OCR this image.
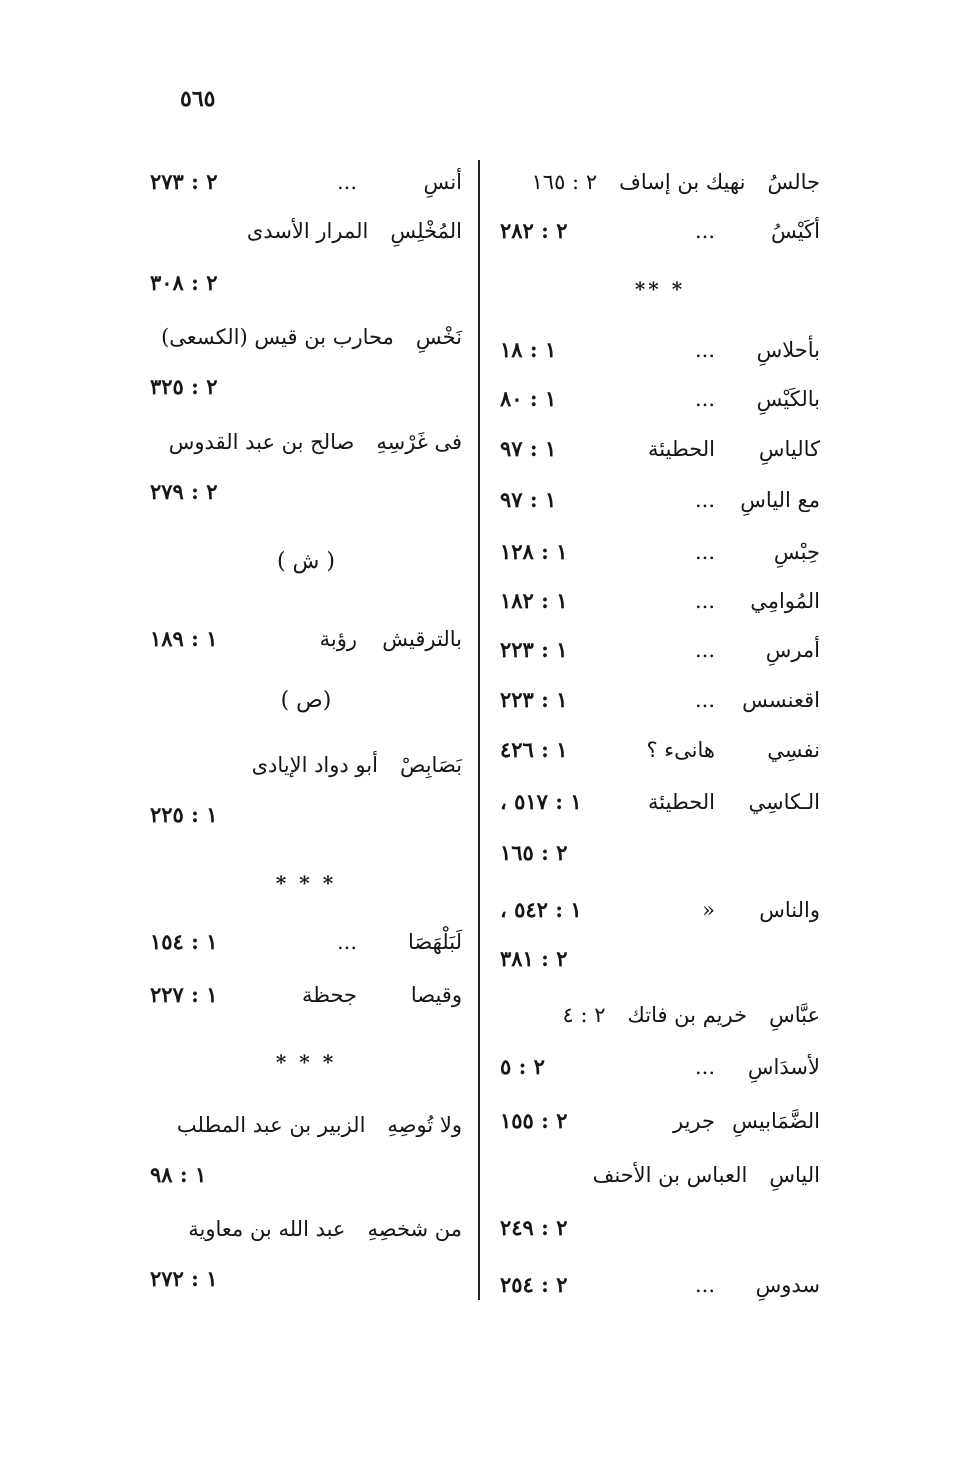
٥٦٥
جالسُنهيك بن إساف٢ : ١٦٥
أكَيْسُ
...
٢ : ٢٨٢
* **
بأحلاسِ
...
١ : ١٨
بالكَيْسِ
...
١ : ٨٠
كالياسِ
الحطيئة
١ : ٩٧
مع الياسِ
...
١ : ٩٧
حِبْسِ
...
١ : ١٢٨
المُوامِي
...
١ : ١٨٢
أمرسِ
...
١ : ٢٢٣
اقعنسس
...
١ : ٢٢٣
نفسِي
هانىء ؟
١ : ٤٢٦
الـكاسِي
الحطيئة
١ : ٥١٧ ،
٢ : ١٦٥
والناس
«
١ : ٥٤٢ ،
٢ : ٣٨١
عبَّاسِخريم بن فاتك٢ : ٤
لأسدَاسِ
...
٢ : ٥
الضَّمَابيسِ
جرير
٢ : ١٥٥
الياسِالعباس بن الأحنف
٢ : ٢٤٩
سدوسِ
...
٢ : ٢٥٤
أنسِ
...
٢ : ٢٧٣
المُخْلِسِالمرار الأسدى
٢ : ٣٠٨
نَخْسِمحارب بن قيس (الكسعى)
٢ : ٣٢٥
فى غَرْسِهِصالح بن عبد القدوس
٢ : ٢٧٩
( ش )
بالترقيش
رؤبة
١ : ١٨٩
(ص )
بَصَابِصْأبو دواد الإيادى
١ : ٢٢٥
* * *
لَبَلْهَصَا
...
١ : ١٥٤
وقيصا
جحظة
١ : ٢٢٧
* * *
ولا تُوصِهِالزبير بن عبد المطلب
١ : ٩٨
من شخصِهِعبد الله بن معاوية
١ : ٢٧٢
